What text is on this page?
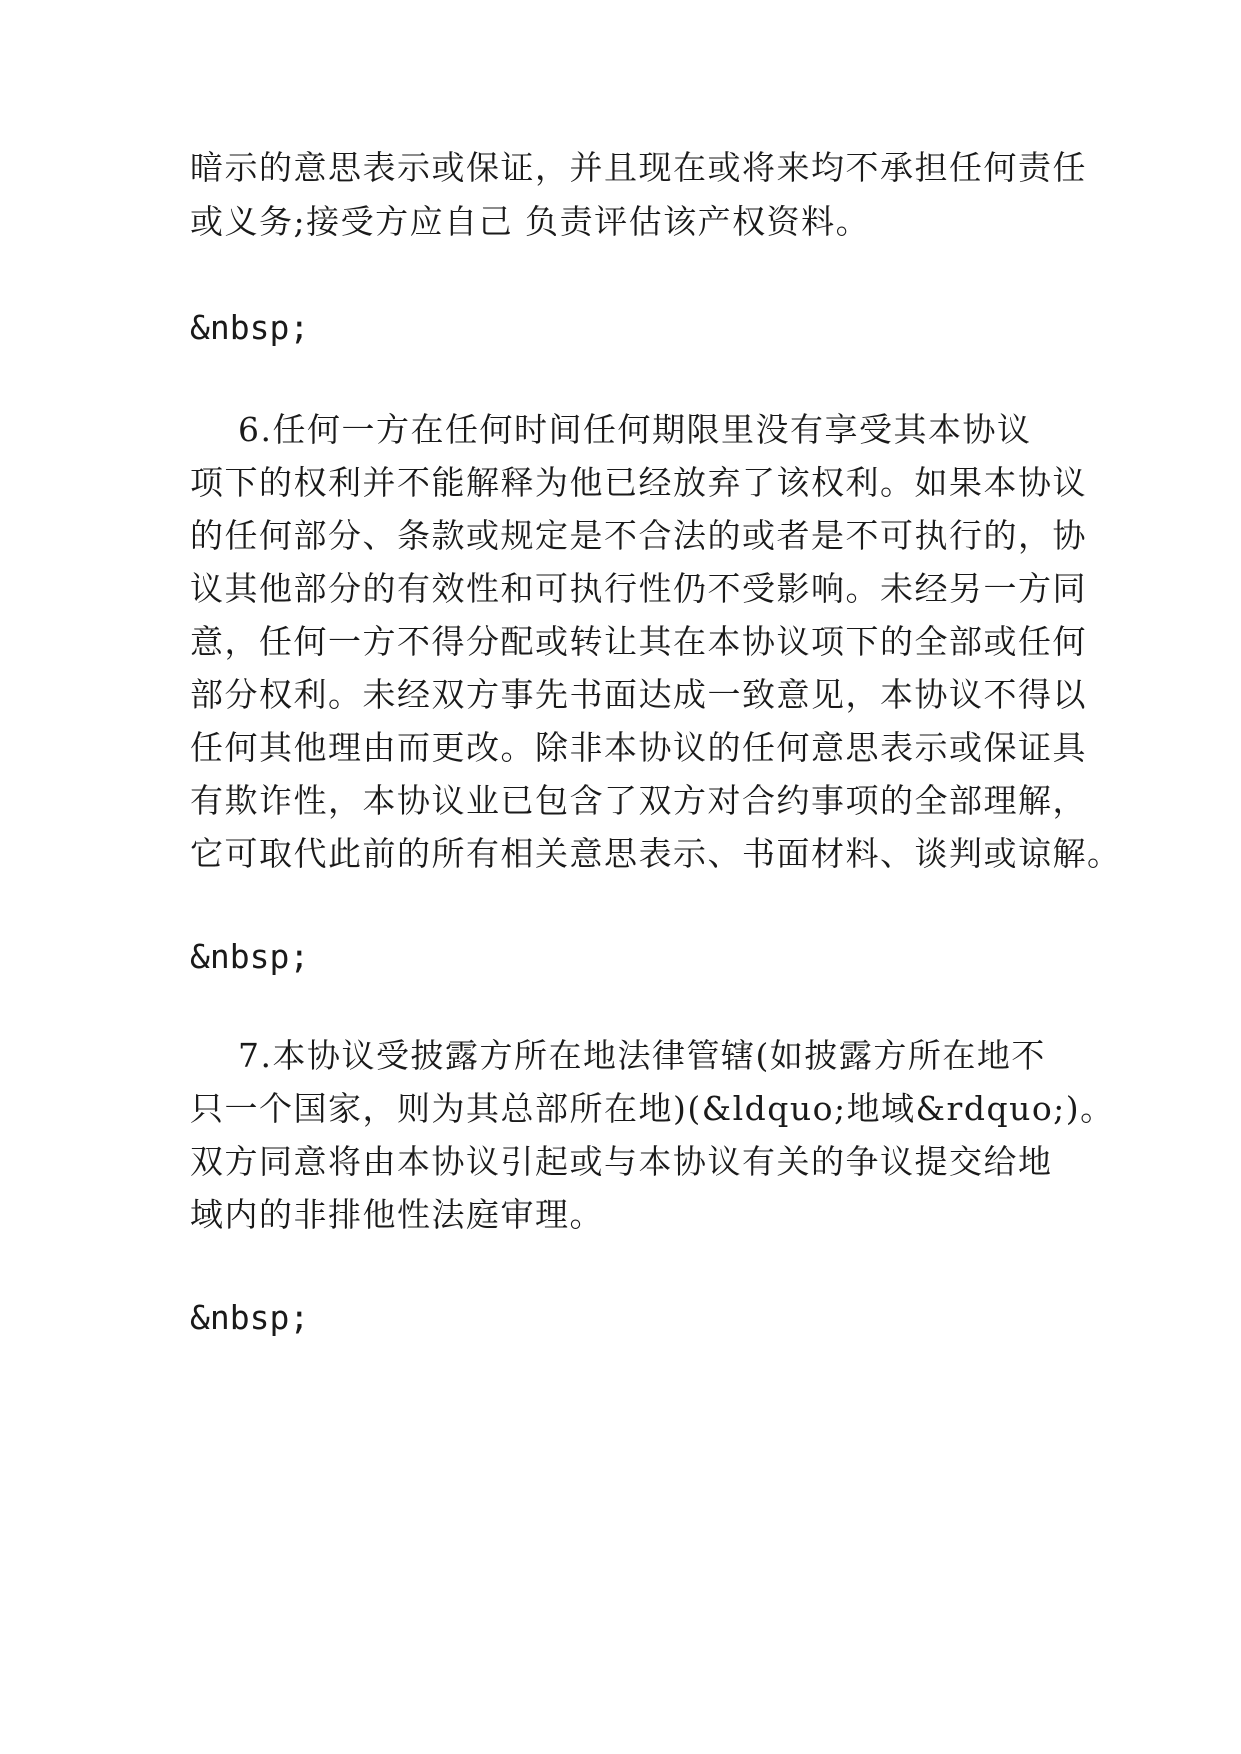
暗示的意思表示或保证，并且现在或将来均不承担任何责任
或义务;接受方应自己 负责评估该产权资料。
&nbsp;
6.任何一方在任何时间任何期限里没有享受其本协议
项下的权利并不能解释为他已经放弃了该权利。如果本协议
的任何部分、条款或规定是不合法的或者是不可执行的，协
议其他部分的有效性和可执行性仍不受影响。未经另一方同
意，任何一方不得分配或转让其在本协议项下的全部或任何
部分权利。未经双方事先书面达成一致意见，本协议不得以
任何其他理由而更改。除非本协议的任何意思表示或保证具
有欺诈性，本协议业已包含了双方对合约事项的全部理解，
它可取代此前的所有相关意思表示、书面材料、谈判或谅解。
&nbsp;
7.本协议受披露方所在地法律管辖(如披露方所在地不
只一个国家，则为其总部所在地)(&ldquo;地域&rdquo;)。
双方同意将由本协议引起或与本协议有关的争议提交给地
域内的非排他性法庭审理。
&nbsp;
